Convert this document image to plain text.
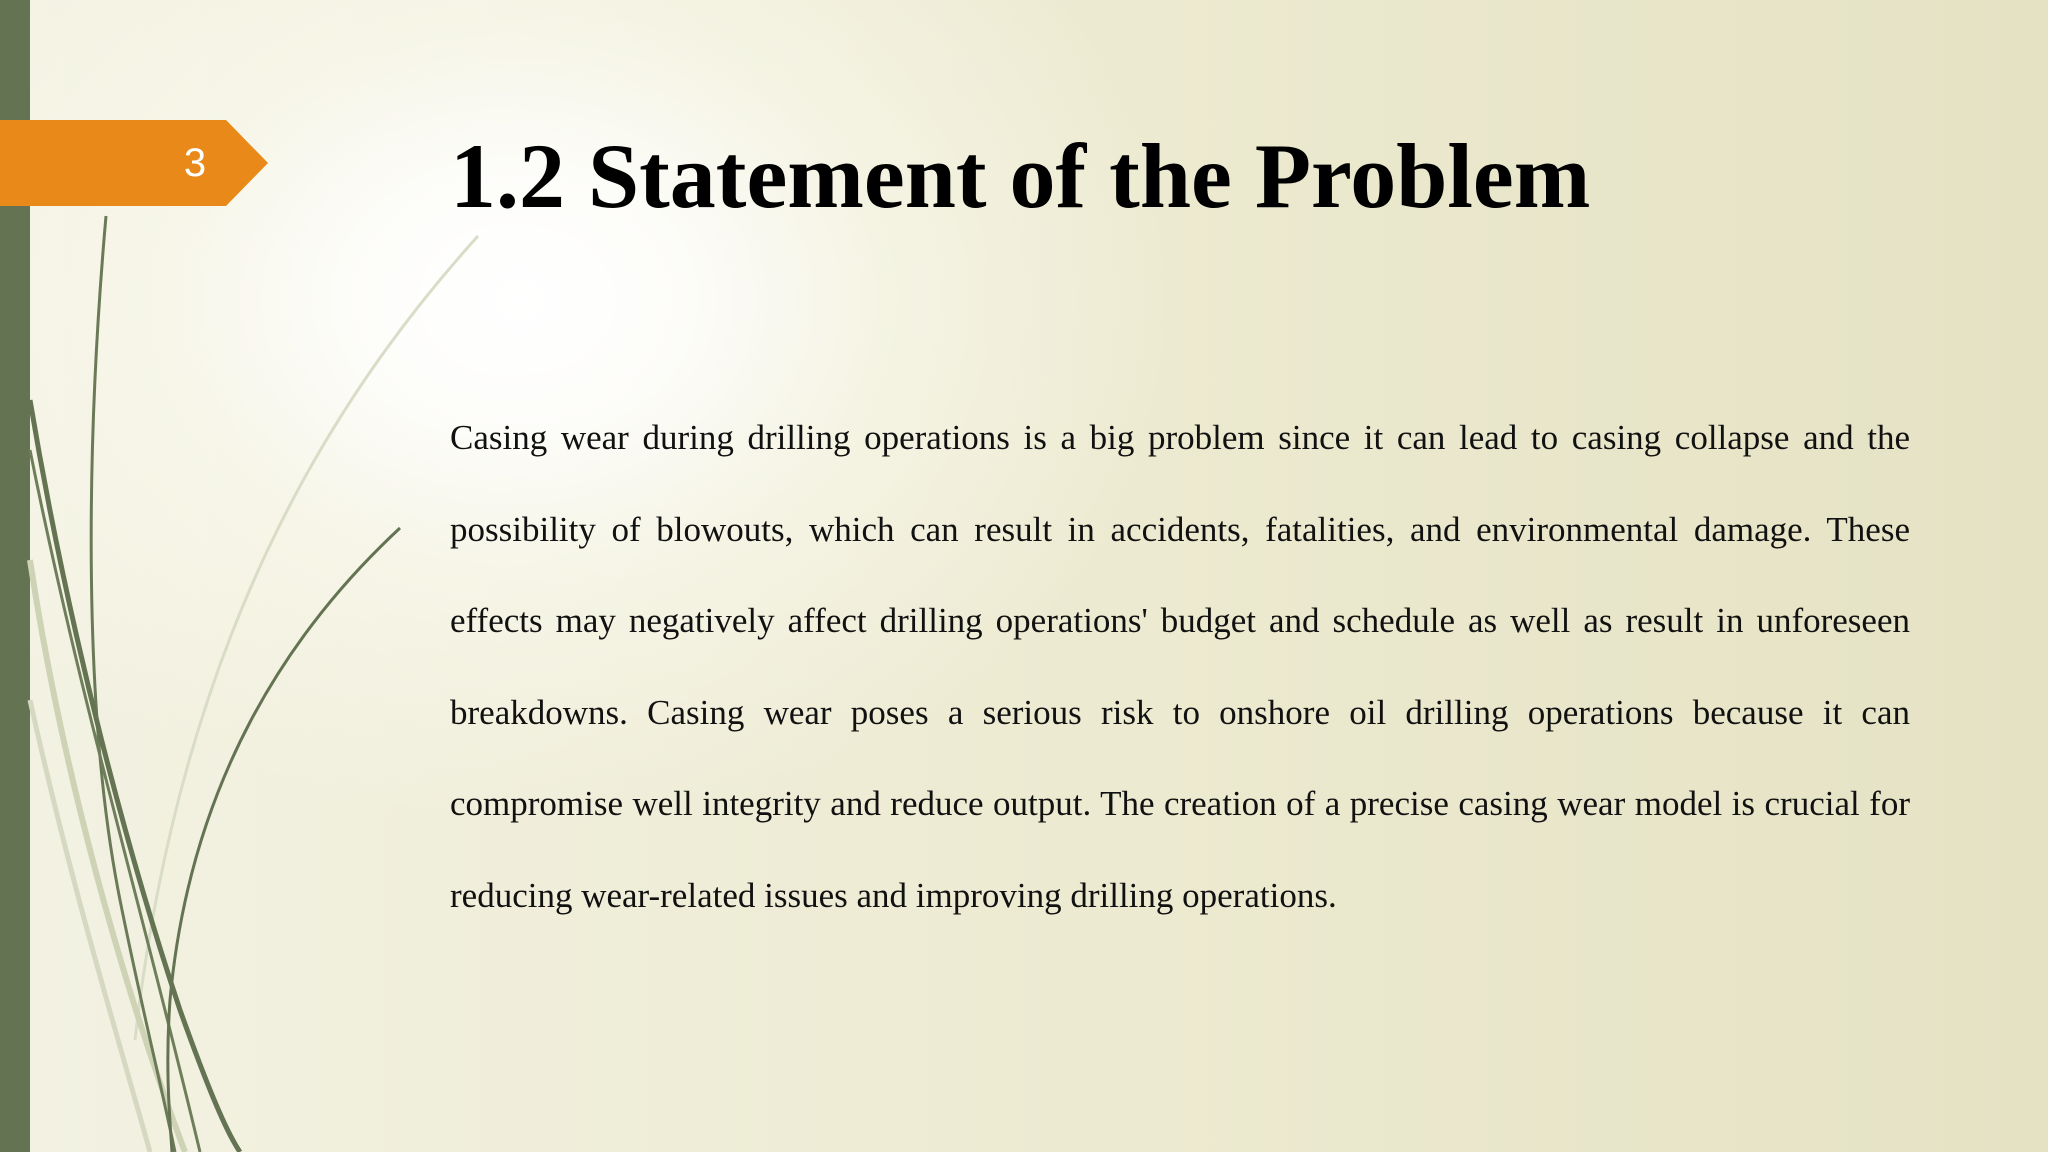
3	1.2 Statement of the Problem

Casing wear during drilling operations is a big problem since it can lead to casing collapse and the possibility of blowouts, which can result in accidents, fatalities, and environmental damage. These effects may negatively affect drilling operations' budget and schedule as well as result in unforeseen breakdowns. Casing wear poses a serious risk to onshore oil drilling operations because it can compromise well integrity and reduce output. The creation of a precise casing wear model is crucial for reducing wear-related issues and improving drilling operations.
